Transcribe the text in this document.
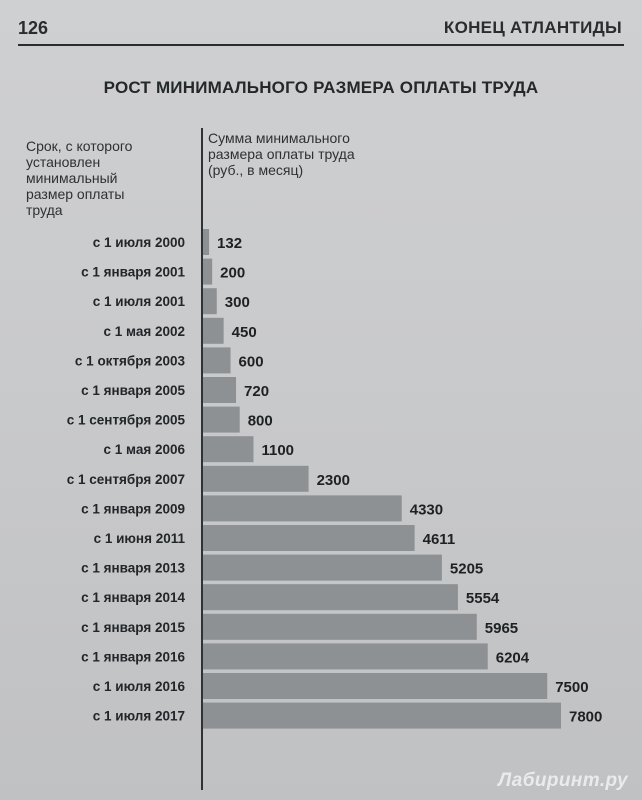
126	КОНЕЦ АТЛАНТИДЫ
РОСТ МИНИМАЛЬНОГО РАЗМЕРА ОПЛАТЫ ТРУДА
Срок, с которого
установлен
минимальный
размер оплаты
труда
Сумма минимального
размера оплаты труда
(руб., в месяц)
с 1 июля 2000 132
с 1 января 2001 200
с 1 июля 2001	300
с 1 мая 2002	450
с 1 октября 2003	600
с 1 января 2005	720
с 1 сентября 2005	800
с 1 мая 2006	1100
с 1 сентября 2007	2300
с 1 января 2009	4330
с 1 июня 2011	4611
с 1 января 2013	5205
с 1 января 2014	5554
с 1 января 2015	5965
с 1 января 2016	6204
с 1 июля 2016	7500
с 1 июля 2017	7800
Лабиринт.ру
